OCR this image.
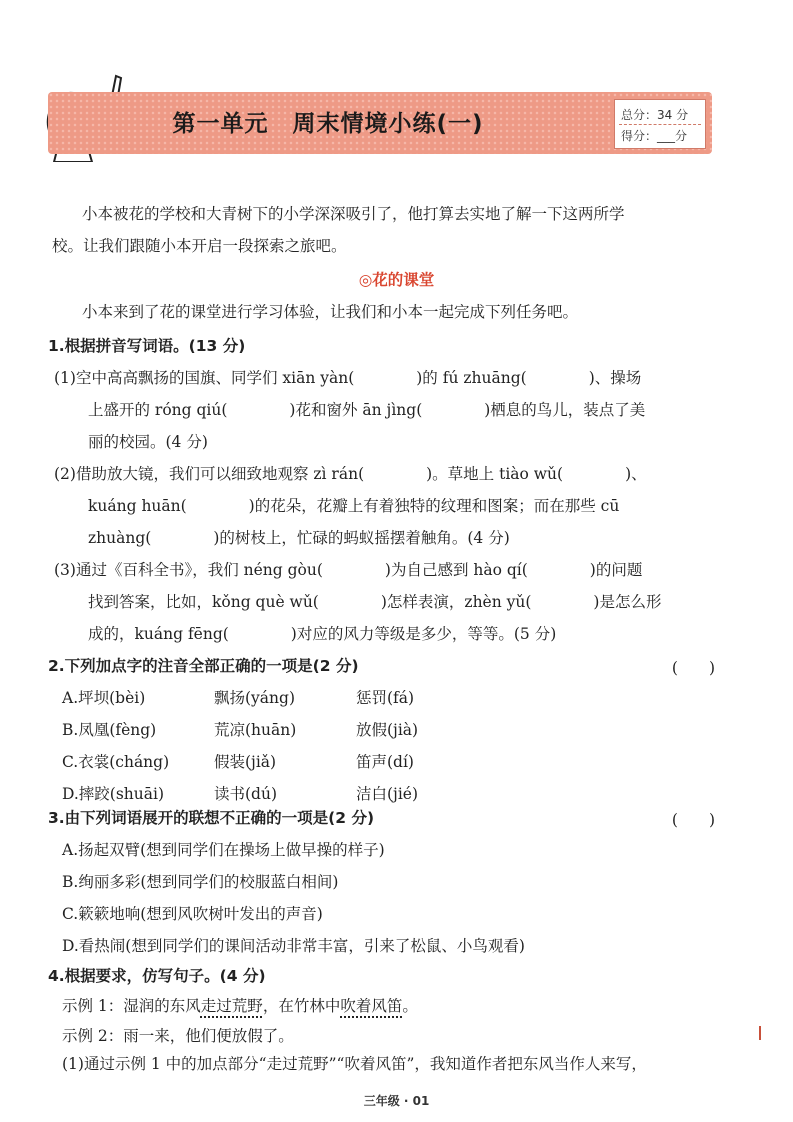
第一单元　周末情境小练(一)	总分：34 分
得分：___分
小本被花的学校和大青树下的小学深深吸引了，他打算去实地了解一下这两所学
校。让我们跟随小本开启一段探索之旅吧。
◎花的课堂
小本来到了花的课堂进行学习体验，让我们和小本一起完成下列任务吧。
1.根据拼音写词语。(13 分)
(1)空中高高飘扬的国旗、同学们 xiān yàn(　　　　)的 fú zhuāng(　　　　)、操场
上盛开的 róng qiú(　　　　)花和窗外 ān jìng(　　　　)栖息的鸟儿，装点了美
丽的校园。(4 分)
(2)借助放大镜，我们可以细致地观察 zì rán(　　　　)。草地上 tiào wǔ(　　　　)、
kuáng huān(　　　　)的花朵，花瓣上有着独特的纹理和图案；而在那些 cū
zhuàng(　　　　)的树枝上，忙碌的蚂蚁摇摆着触角。(4 分)
(3)通过《百科全书》，我们 néng gòu(　　　　)为自己感到 hào qí(　　　　)的问题
找到答案，比如，kǒng què wǔ(　　　　)怎样表演，zhèn yǔ(　　　　)是怎么形
成的，kuáng fēng(　　　　)对应的风力等级是多少，等等。(5 分)
2.下列加点字的注音全部正确的一项是(2 分)	(　　)
A.坪坝(bèi)	飘扬(yáng)	惩罚(fá)
B.凤凰(fèng)	荒凉(huān)	放假(jià)
C.衣裳(cháng)	假装(jiǎ)	笛声(dí)
D.摔跤(shuāi)	读书(dú)	洁白(jié)
3.由下列词语展开的联想不正确的一项是(2 分)	(　　)
A.扬起双臂(想到同学们在操场上做早操的样子)
B.绚丽多彩(想到同学们的校服蓝白相间)
C.簌簌地响(想到风吹树叶发出的声音)
D.看热闹(想到同学们的课间活动非常丰富，引来了松鼠、小鸟观看)
4.根据要求，仿写句子。(4 分)
示例 1：湿润的东风走过荒野，在竹林中吹着风笛。
示例 2：雨一来，他们便放假了。
(1)通过示例 1 中的加点部分“走过荒野”“吹着风笛”，我知道作者把东风当作人来写，
三年级 · 01
